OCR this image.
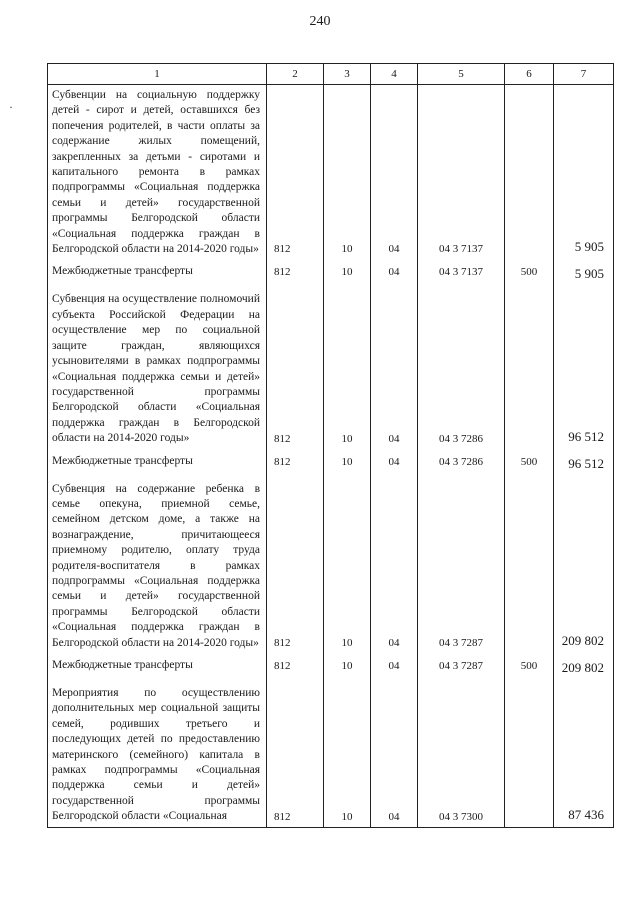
240
·
1	2	3	4	5	6	7
Субвенции на социальную поддержку детей - сирот и детей, оставшихся без попечения родителей, в части оплаты за содержание жилых помещений, закрепленных за детьми - сиротами и капитального ремонта в рамках подпрограммы «Социальная поддержка семьи и детей» государственной программы Белгородской области «Социальная поддержка граждан в Белгородской области на 2014-2020 годы»	812	10	04	04 3 7137		5 905
Межбюджетные трансферты	812	10	04	04 3 7137	500	5 905
Субвенция на осуществление полномочий субъекта Российской Федерации на осуществление мер по социальной защите граждан, являющихся усыновителями в рамках подпрограммы «Социальная поддержка семьи и детей» государственной программы Белгородской области «Социальная поддержка граждан в Белгородской области на 2014-2020 годы»	812	10	04	04 3 7286		96 512
Межбюджетные трансферты	812	10	04	04 3 7286	500	96 512
Субвенция на содержание ребенка в семье опекуна, приемной семье, семейном детском доме, а также на вознаграждение, причитающееся приемному родителю, оплату труда родителя-воспитателя в рамках подпрограммы «Социальная поддержка семьи и детей» государственной программы Белгородской области «Социальная поддержка граждан в Белгородской области на 2014-2020 годы»	812	10	04	04 3 7287		209 802
Межбюджетные трансферты	812	10	04	04 3 7287	500	209 802
Мероприятия по осуществлению дополнительных мер социальной защиты семей, родивших третьего и последующих детей по предоставлению материнского (семейного) капитала в рамках подпрограммы «Социальная поддержка семьи и детей» государственной программы Белгородской области «Социальная	812	10	04	04 3 7300		87 436
